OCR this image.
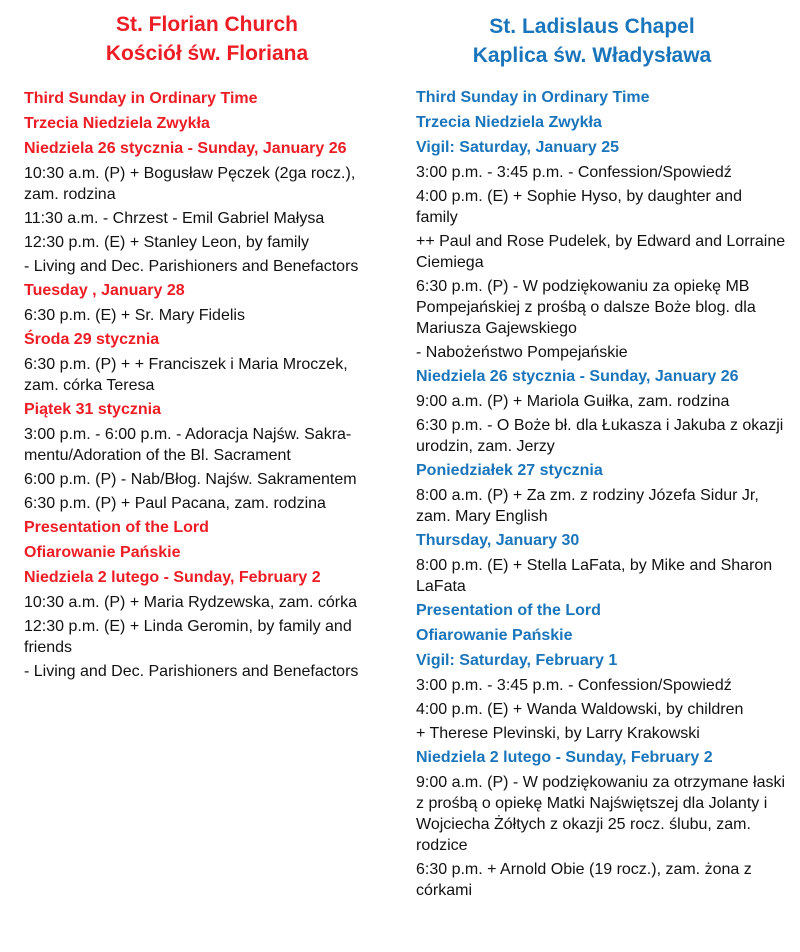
St. Florian Church
Kościół św. Floriana
Third Sunday in Ordinary Time
Trzecia Niedziela Zwykła
Niedziela 26 stycznia - Sunday, January 26
10:30 a.m. (P) + Bogusław Pęczek (2ga rocz.), zam. rodzina
11:30 a.m. - Chrzest - Emil Gabriel Małysa
12:30 p.m. (E) + Stanley Leon, by family
- Living and Dec. Parishioners and Benefactors
Tuesday , January 28
6:30 p.m. (E) + Sr. Mary Fidelis
Środa 29 stycznia
6:30 p.m. (P) + + Franciszek i Maria Mroczek, zam. córka Teresa
Piątek 31 stycznia
3:00 p.m. - 6:00 p.m. - Adoracja Najśw. Sakra-mentu/Adoration of the Bl. Sacrament
6:00 p.m. (P) - Nab/Błog. Najśw. Sakramentem
6:30 p.m. (P) + Paul Pacana, zam. rodzina
Presentation of the Lord
Ofiarowanie Pańskie
Niedziela 2 lutego - Sunday, February 2
10:30 a.m. (P) + Maria Rydzewska, zam. córka
12:30 p.m. (E) + Linda Geromin, by family and friends
- Living and Dec. Parishioners and Benefactors
St. Ladislaus Chapel
Kaplica św. Władysława
Third Sunday in Ordinary Time
Trzecia Niedziela Zwykła
Vigil: Saturday, January 25
3:00 p.m. - 3:45 p.m. - Confession/Spowiedź
4:00 p.m. (E) + Sophie Hyso, by daughter and family
++ Paul and Rose Pudelek, by Edward and Lorraine Ciemiega
6:30 p.m. (P) - W podziękowaniu za opiekę MB Pompejańskiej z prośbą o dalsze Boże blog. dla Mariusza Gajewskiego
- Nabożeństwo Pompejańskie
Niedziela 26 stycznia - Sunday, January 26
9:00 a.m. (P) + Mariola Guiłka, zam. rodzina
6:30 p.m. - O Boże bł. dla Łukasza i Jakuba z okazji urodzin, zam. Jerzy
Poniedziałek 27 stycznia
8:00 a.m. (P) + Za zm. z rodziny Józefa Sidur Jr, zam. Mary English
Thursday, January 30
8:00 p.m. (E) + Stella LaFata, by Mike and Sharon LaFata
Presentation of the Lord
Ofiarowanie Pańskie
Vigil: Saturday, February 1
3:00 p.m. - 3:45 p.m. - Confession/Spowiedź
4:00 p.m. (E) + Wanda Waldowski, by children
+ Therese Plevinski, by Larry Krakowski
Niedziela 2 lutego - Sunday, February 2
9:00 a.m. (P) - W podziękowaniu za otrzymane łaski z prośbą o opiekę Matki Najświętszej dla Jolanty i Wojciecha Żółtych z okazji 25 rocz. ślubu, zam. rodzice
6:30 p.m. + Arnold Obie (19 rocz.), zam. żona z córkami
